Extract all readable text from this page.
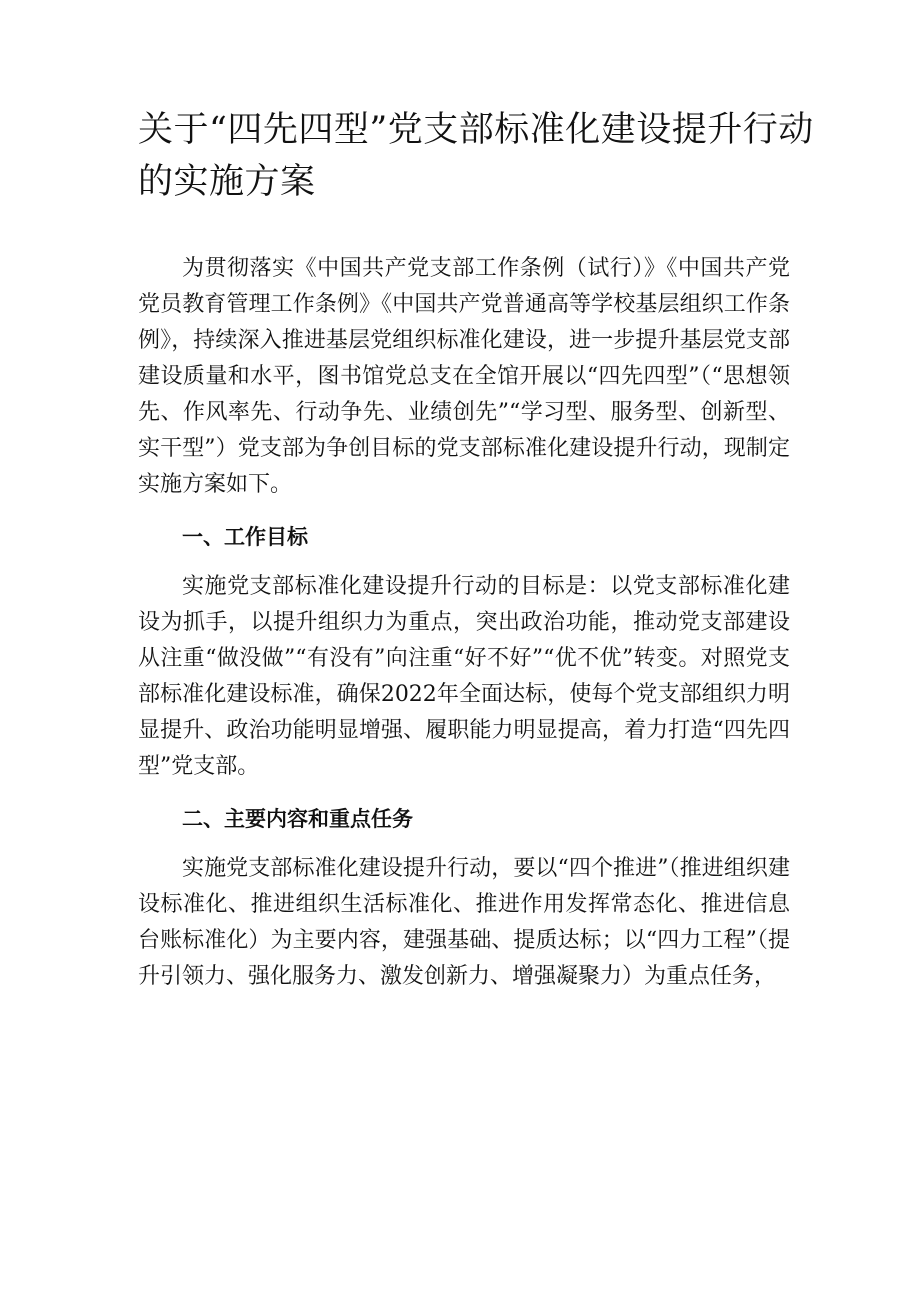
关于“四先四型”党支部标准化建设提升行动
的实施方案

为贯彻落实《中国共产党支部工作条例（试行）》《中国共产党党员教育管理工作条例》《中国共产党普通高等学校基层组织工作条例》，持续深入推进基层党组织标准化建设，进一步提升基层党支部建设质量和水平，图书馆党总支在全馆开展以“四先四型”（“思想领先、作风率先、行动争先、业绩创先”“学习型、服务型、创新型、实干型”）党支部为争创目标的党支部标准化建设提升行动，现制定实施方案如下。

一、工作目标

实施党支部标准化建设提升行动的目标是：以党支部标准化建设为抓手，以提升组织力为重点，突出政治功能，推动党支部建设从注重“做没做”“有没有”向注重“好不好”“优不优”转变。对照党支部标准化建设标准，确保2022年全面达标，使每个党支部组织力明显提升、政治功能明显增强、履职能力明显提高，着力打造“四先四型”党支部。

二、主要内容和重点任务

实施党支部标准化建设提升行动，要以“四个推进”（推进组织建设标准化、推进组织生活标准化、推进作用发挥常态化、推进信息台账标准化）为主要内容，建强基础、提质达标；以“四力工程”（提升引领力、强化服务力、激发创新力、增强凝聚力）为重点任务，
